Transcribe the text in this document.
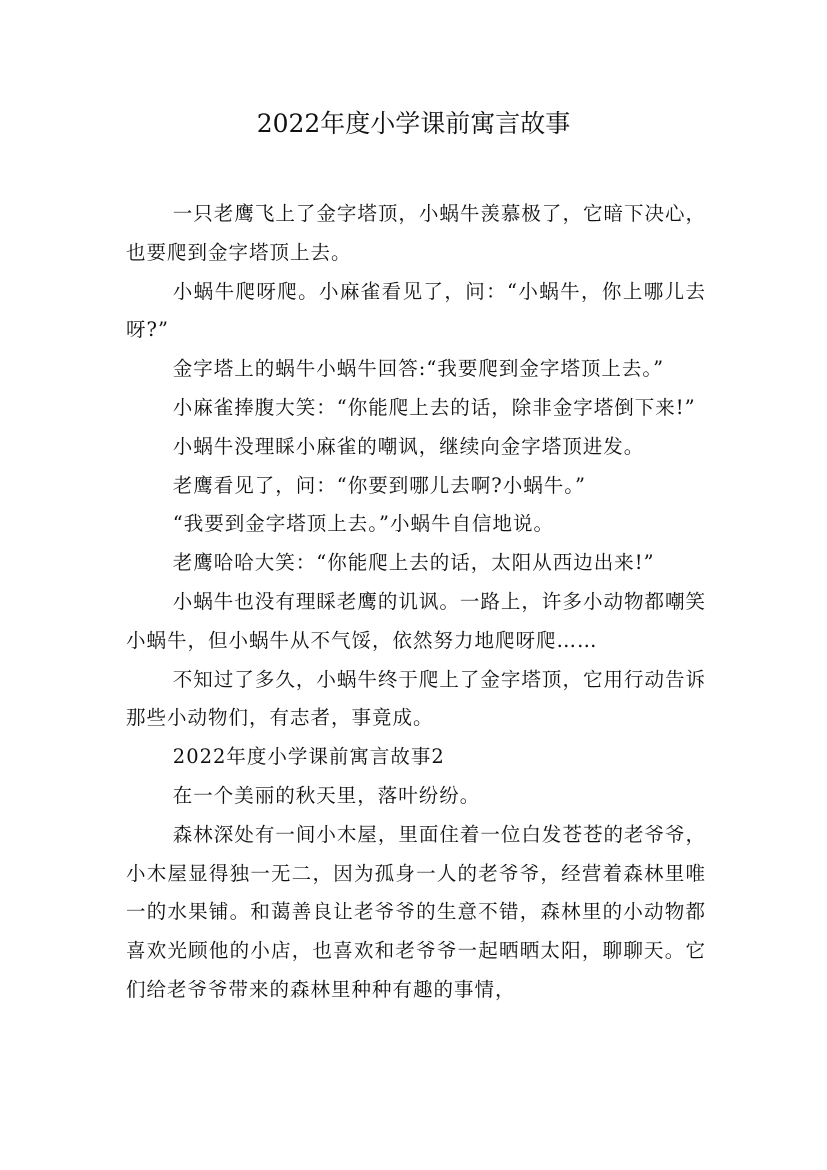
2022年度小学课前寓言故事

一只老鹰飞上了金字塔顶，小蜗牛羡慕极了，它暗下决心，也要爬到金字塔顶上去。

小蜗牛爬呀爬。小麻雀看见了，问：“小蜗牛，你上哪儿去呀?”

金字塔上的蜗牛小蜗牛回答:“我要爬到金字塔顶上去。”

小麻雀捧腹大笑：“你能爬上去的话，除非金字塔倒下来!”

小蜗牛没理睬小麻雀的嘲讽，继续向金字塔顶进发。

老鹰看见了，问：“你要到哪儿去啊?小蜗牛。”

“我要到金字塔顶上去。”小蜗牛自信地说。

老鹰哈哈大笑：“你能爬上去的话，太阳从西边出来!”

小蜗牛也没有理睬老鹰的讥讽。一路上，许多小动物都嘲笑小蜗牛，但小蜗牛从不气馁，依然努力地爬呀爬……

不知过了多久，小蜗牛终于爬上了金字塔顶，它用行动告诉那些小动物们，有志者，事竟成。

2022年度小学课前寓言故事2

在一个美丽的秋天里，落叶纷纷。

森林深处有一间小木屋，里面住着一位白发苍苍的老爷爷，小木屋显得独一无二，因为孤身一人的老爷爷，经营着森林里唯一的水果铺。和蔼善良让老爷爷的生意不错，森林里的小动物都喜欢光顾他的小店，也喜欢和老爷爷一起晒晒太阳，聊聊天。它们给老爷爷带来的森林里种种有趣的事情，
